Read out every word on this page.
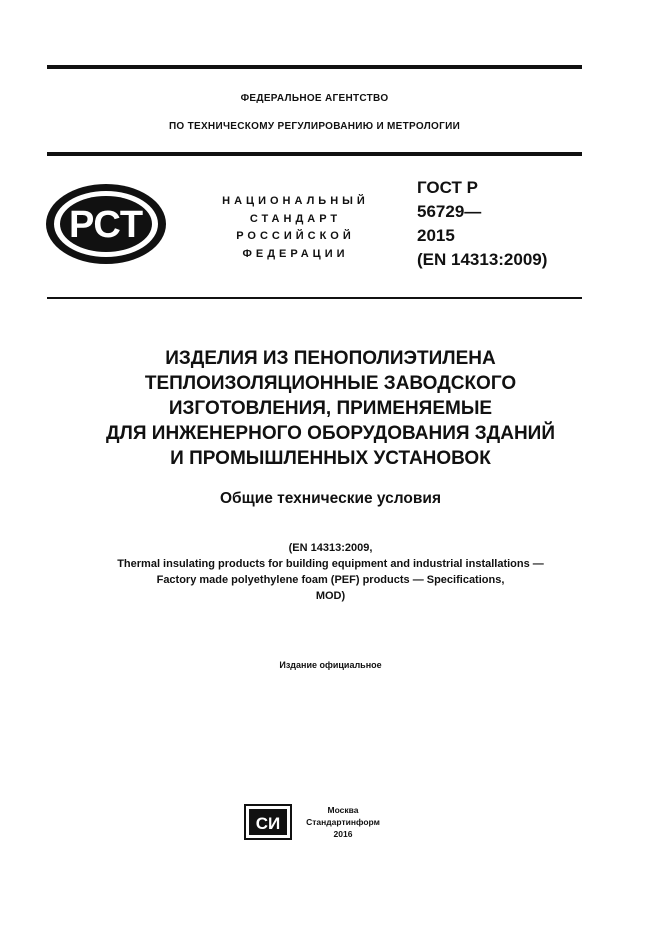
ФЕДЕРАЛЬНОЕ АГЕНТСТВО
ПО ТЕХНИЧЕСКОМУ РЕГУЛИРОВАНИЮ И МЕТРОЛОГИИ
РСТ
НАЦИОНАЛЬНЫЙ
СТАНДАРТ
РОССИЙСКОЙ
ФЕДЕРАЦИИ
ГОСТ Р
56729—
2015
(EN 14313:2009)
ИЗДЕЛИЯ ИЗ ПЕНОПОЛИЭТИЛЕНА
ТЕПЛОИЗОЛЯЦИОННЫЕ ЗАВОДСКОГО
ИЗГОТОВЛЕНИЯ, ПРИМЕНЯЕМЫЕ
ДЛЯ ИНЖЕНЕРНОГО ОБОРУДОВАНИЯ ЗДАНИЙ
И ПРОМЫШЛЕННЫХ УСТАНОВОК
Общие технические условия
(EN 14313:2009,
Thermal insulating products for building equipment and industrial installations —
Factory made polyethylene foam (PEF) products — Specifications,
MOD)
Издание официальное
СИ
Москва
Стандартинформ
2016
